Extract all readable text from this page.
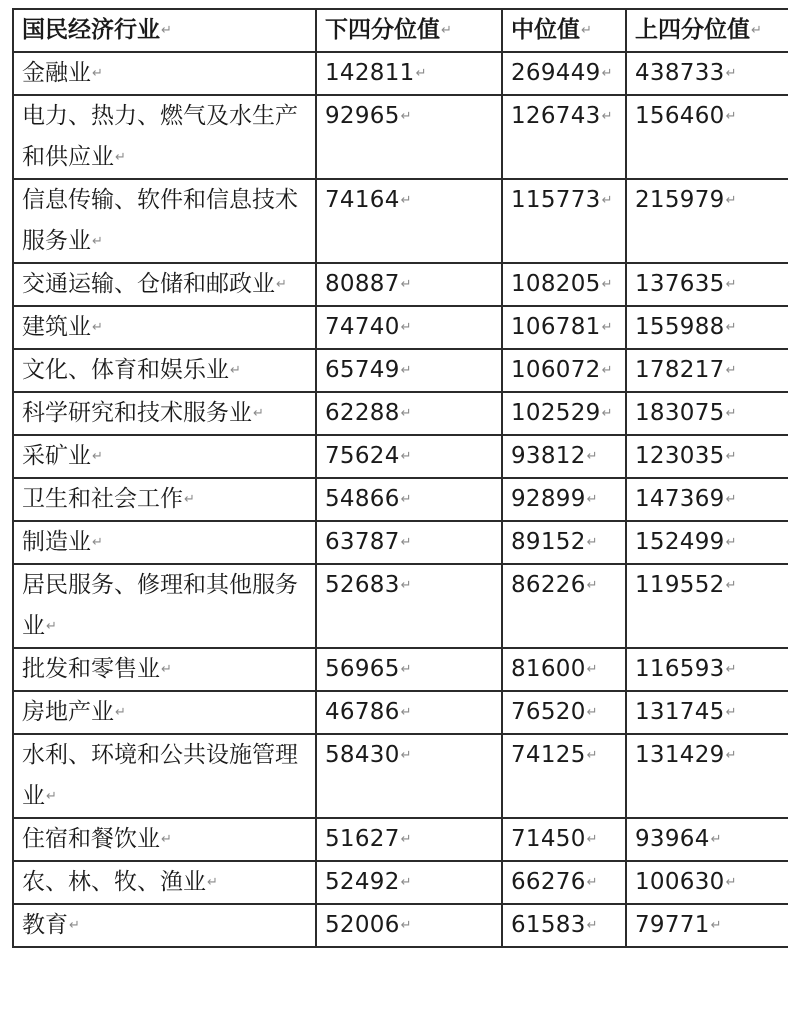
国民经济行业↵	下四分位值↵	中位值↵	上四分位值↵
金融业↵	142811↵	269449↵	438733↵
电力、热力、燃气及水生产和供应业↵	92965↵	126743↵	156460↵
信息传输、软件和信息技术服务业↵	74164↵	115773↵	215979↵
交通运输、仓储和邮政业↵	80887↵	108205↵	137635↵
建筑业↵	74740↵	106781↵	155988↵
文化、体育和娱乐业↵	65749↵	106072↵	178217↵
科学研究和技术服务业↵	62288↵	102529↵	183075↵
采矿业↵	75624↵	93812↵	123035↵
卫生和社会工作↵	54866↵	92899↵	147369↵
制造业↵	63787↵	89152↵	152499↵
居民服务、修理和其他服务业↵	52683↵	86226↵	119552↵
批发和零售业↵	56965↵	81600↵	116593↵
房地产业↵	46786↵	76520↵	131745↵
水利、环境和公共设施管理业↵	58430↵	74125↵	131429↵
住宿和餐饮业↵	51627↵	71450↵	93964↵
农、林、牧、渔业↵	52492↵	66276↵	100630↵
教育↵	52006↵	61583↵	79771↵
